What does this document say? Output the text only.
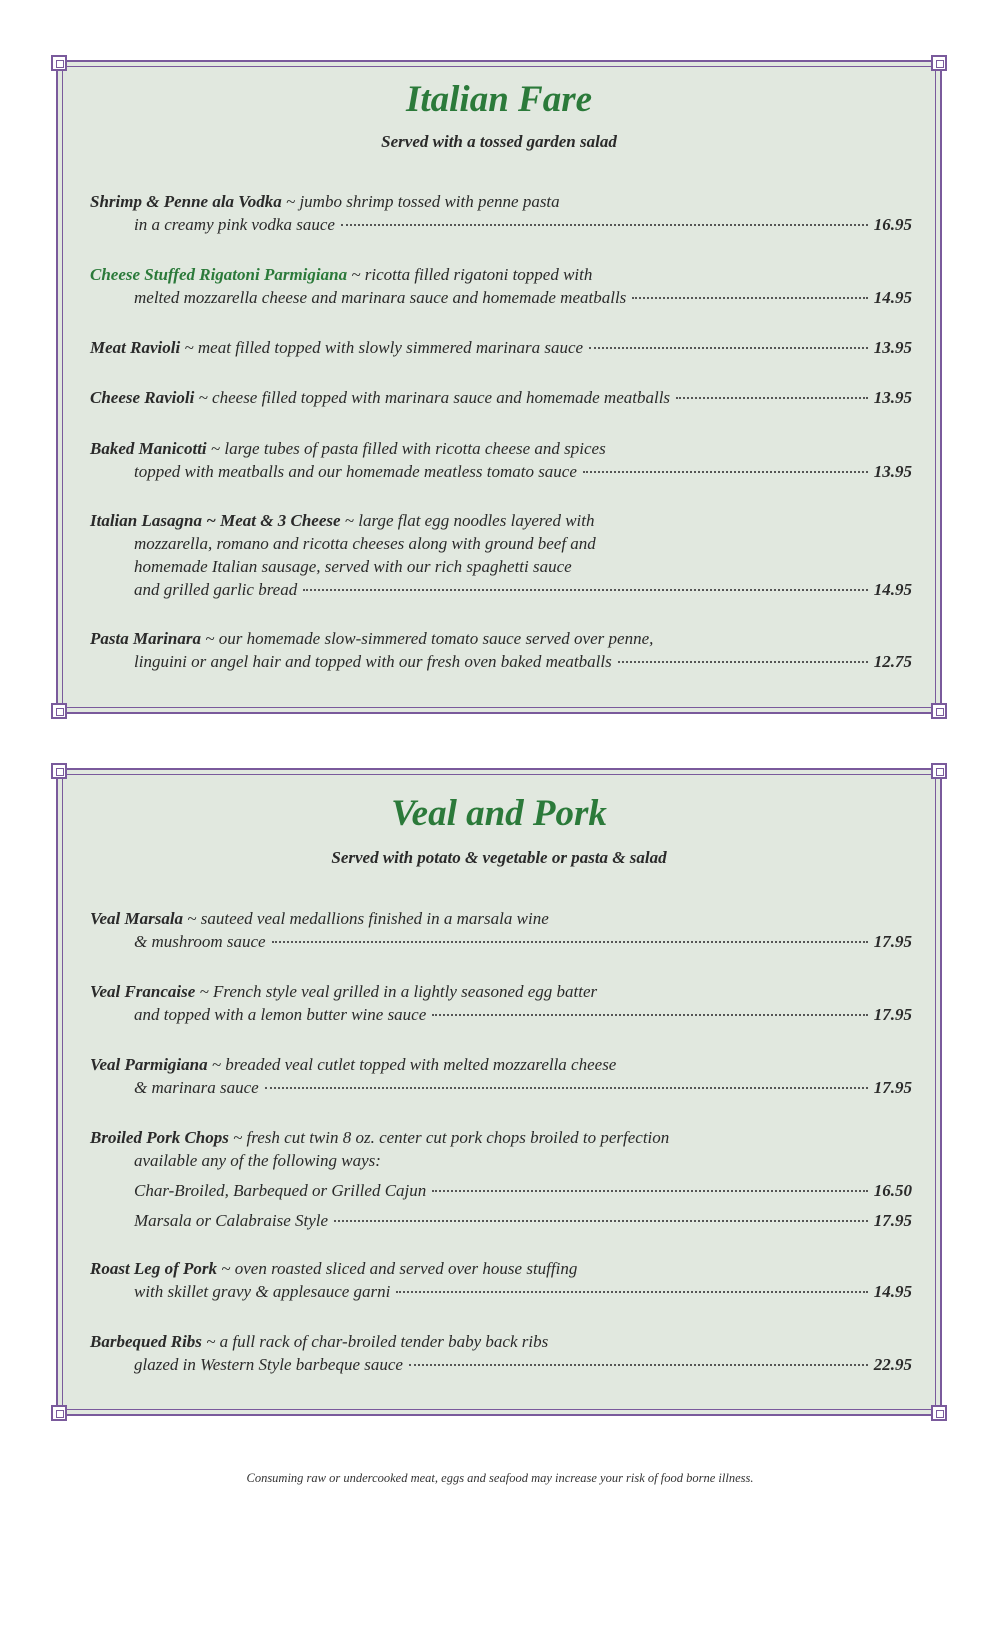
Italian Fare

Served with a tossed garden salad

Shrimp & Penne ala Vodka
~ jumbo shrimp tossed with penne pasta
in a creamy pink vodka sauce	16.95
Cheese Stuffed Rigatoni Parmigiana
~ ricotta filled rigatoni topped with
melted mozzarella cheese and marinara sauce and homemade meatballs	14.95
Meat Ravioli
~ meat filled topped with slowly simmered marinara sauce	13.95
Cheese Ravioli
~ cheese filled topped with marinara sauce and homemade meatballs	13.95
Baked Manicotti
~ large tubes of pasta filled with ricotta cheese and spices
topped with meatballs and our homemade meatless tomato sauce	13.95
Italian Lasagna ~ Meat & 3 Cheese
~ large flat egg noodles layered with
mozzarella, romano and ricotta cheeses along with ground beef and
homemade Italian sausage, served with our rich spaghetti sauce
and grilled garlic bread	14.95
Pasta Marinara
~ our homemade slow-simmered tomato sauce served over penne,
linguini or angel hair and topped with our fresh oven baked meatballs	12.75
Veal and Pork

Served with potato & vegetable or pasta & salad

Veal Marsala
~ sauteed veal medallions finished in a marsala wine
& mushroom sauce	17.95
Veal Francaise
~ French style veal grilled in a lightly seasoned egg batter
and topped with a lemon butter wine sauce	17.95
Veal Parmigiana
~ breaded veal cutlet topped with melted mozzarella cheese
& marinara sauce	17.95
Broiled Pork Chops
~ fresh cut twin 8 oz. center cut pork chops broiled to perfection
available any of the following ways:
Char-Broiled, Barbequed or Grilled Cajun	16.50
Marsala or Calabraise Style	17.95
Roast Leg of Pork
~ oven roasted sliced and served over house stuffing
with skillet gravy & applesauce garni	14.95
Barbequed Ribs
~ a full rack of char-broiled tender baby back ribs
glazed in Western Style barbeque sauce	22.95
Consuming raw or undercooked meat, eggs and seafood may increase your risk of food borne illness.
